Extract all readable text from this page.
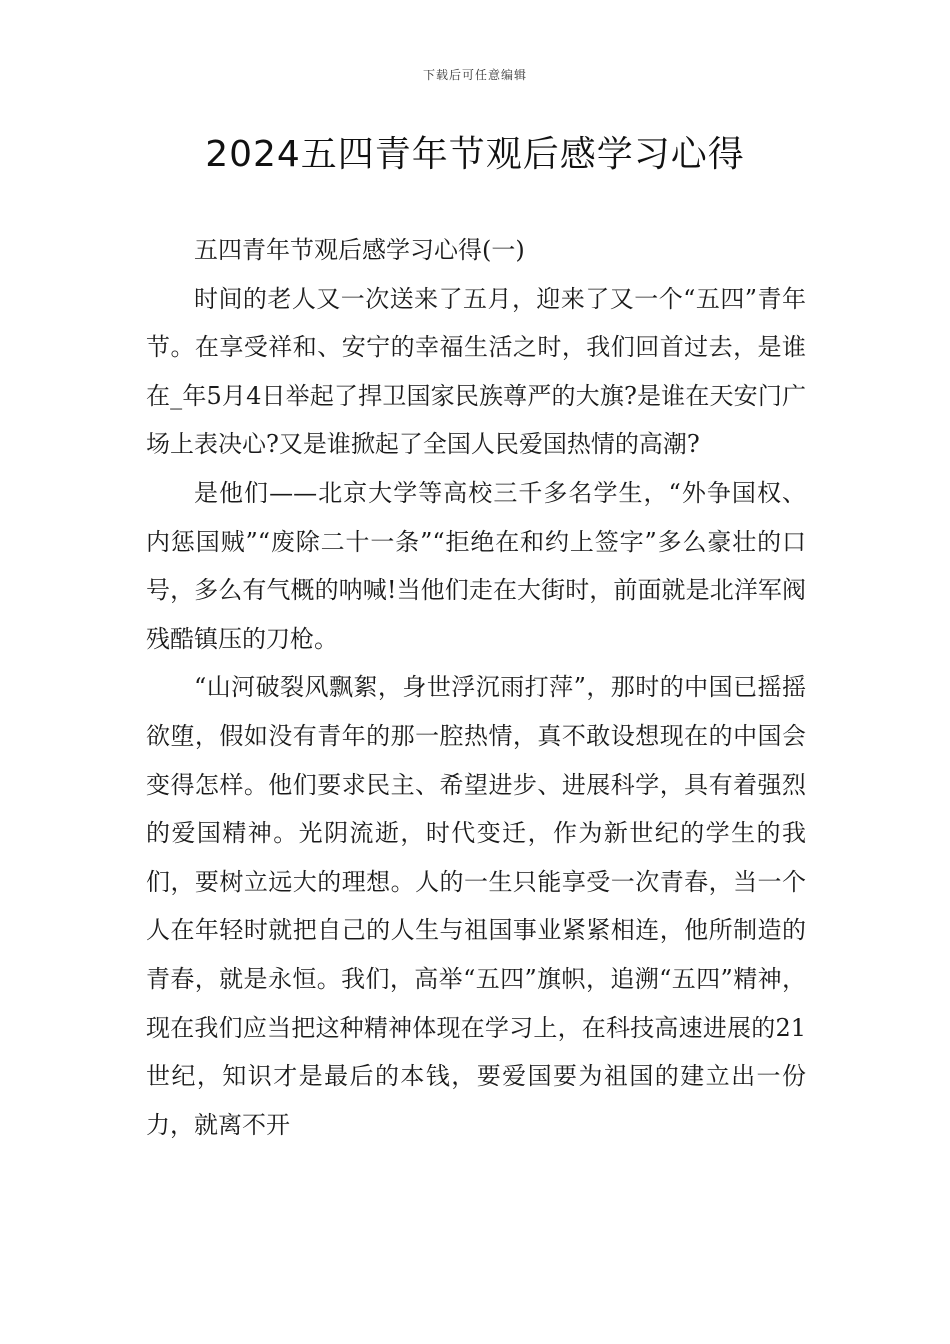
下载后可任意编辑
2024五四青年节观后感学习心得

五四青年节观后感学习心得(一)

时间的老人又一次送来了五月，迎来了又一个“五四”青年节。在享受祥和、安宁的幸福生活之时，我们回首过去，是谁在_年5月4日举起了捍卫国家民族尊严的大旗?是谁在天安门广场上表决心?又是谁掀起了全国人民爱国热情的高潮?

是他们——北京大学等高校三千多名学生，“外争国权、内惩国贼”“废除二十一条”“拒绝在和约上签字”多么豪壮的口号，多么有气概的呐喊!当他们走在大街时，前面就是北洋军阀残酷镇压的刀枪。

“山河破裂风飘絮，身世浮沉雨打萍”，那时的中国已摇摇欲堕，假如没有青年的那一腔热情，真不敢设想现在的中国会变得怎样。他们要求民主、希望进步、进展科学，具有着强烈的爱国精神。光阴流逝，时代变迁，作为新世纪的学生的我们，要树立远大的理想。人的一生只能享受一次青春，当一个人在年轻时就把自己的人生与祖国事业紧紧相连，他所制造的青春，就是永恒。我们，高举“五四”旗帜，追溯“五四”精神，现在我们应当把这种精神体现在学习上，在科技高速进展的21世纪，知识才是最后的本钱，要爱国要为祖国的建立出一份力，就离不开
